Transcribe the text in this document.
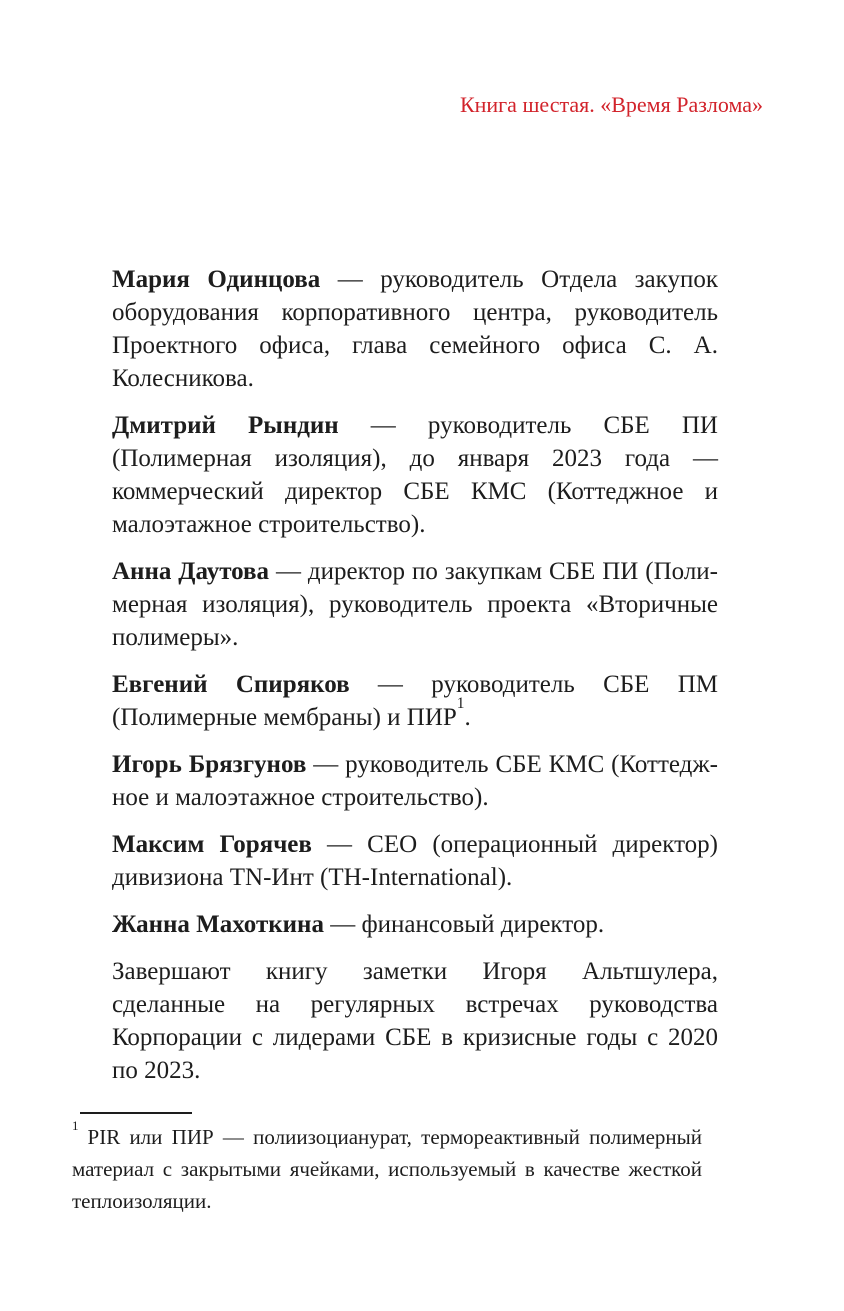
Книга шестая. «Время Разлома»

Мария Одинцова — руководитель Отдела закупок оборудования корпоративного центра, руководитель Проектного офиса, глава семейного офиса С. А. Колесникова.

Дмитрий Рындин — руководитель СБЕ ПИ (Полимерная изоляция), до января 2023 года — коммерческий директор СБЕ КМС (Коттеджное и малоэтажное строительство).

Анна Даутова — директор по закупкам СБЕ ПИ (Полимерная изоляция), руководитель проекта «Вторичные полимеры».

Евгений Спиряков — руководитель СБЕ ПМ (Полимерные мембраны) и ПИР$^1$.

Игорь Брязгунов — руководитель СБЕ КМС (Коттеджное и малоэтажное строительство).

Максим Горячев — CEO (операционный директор) дивизиона TN-Инт (TH-International).

Жанна Махоткина — финансовый директор.

Завершают книгу заметки Игоря Альтшулера, сделанные на регулярных встречах руководства Корпорации с лидерами СБЕ в кризисные годы с 2020 по 2023.

$^1$ PIR или ПИР — полиизоцианурат, термореактивный полимерный материал с закрытыми ячейками, используемый в качестве жесткой теплоизоляции.
